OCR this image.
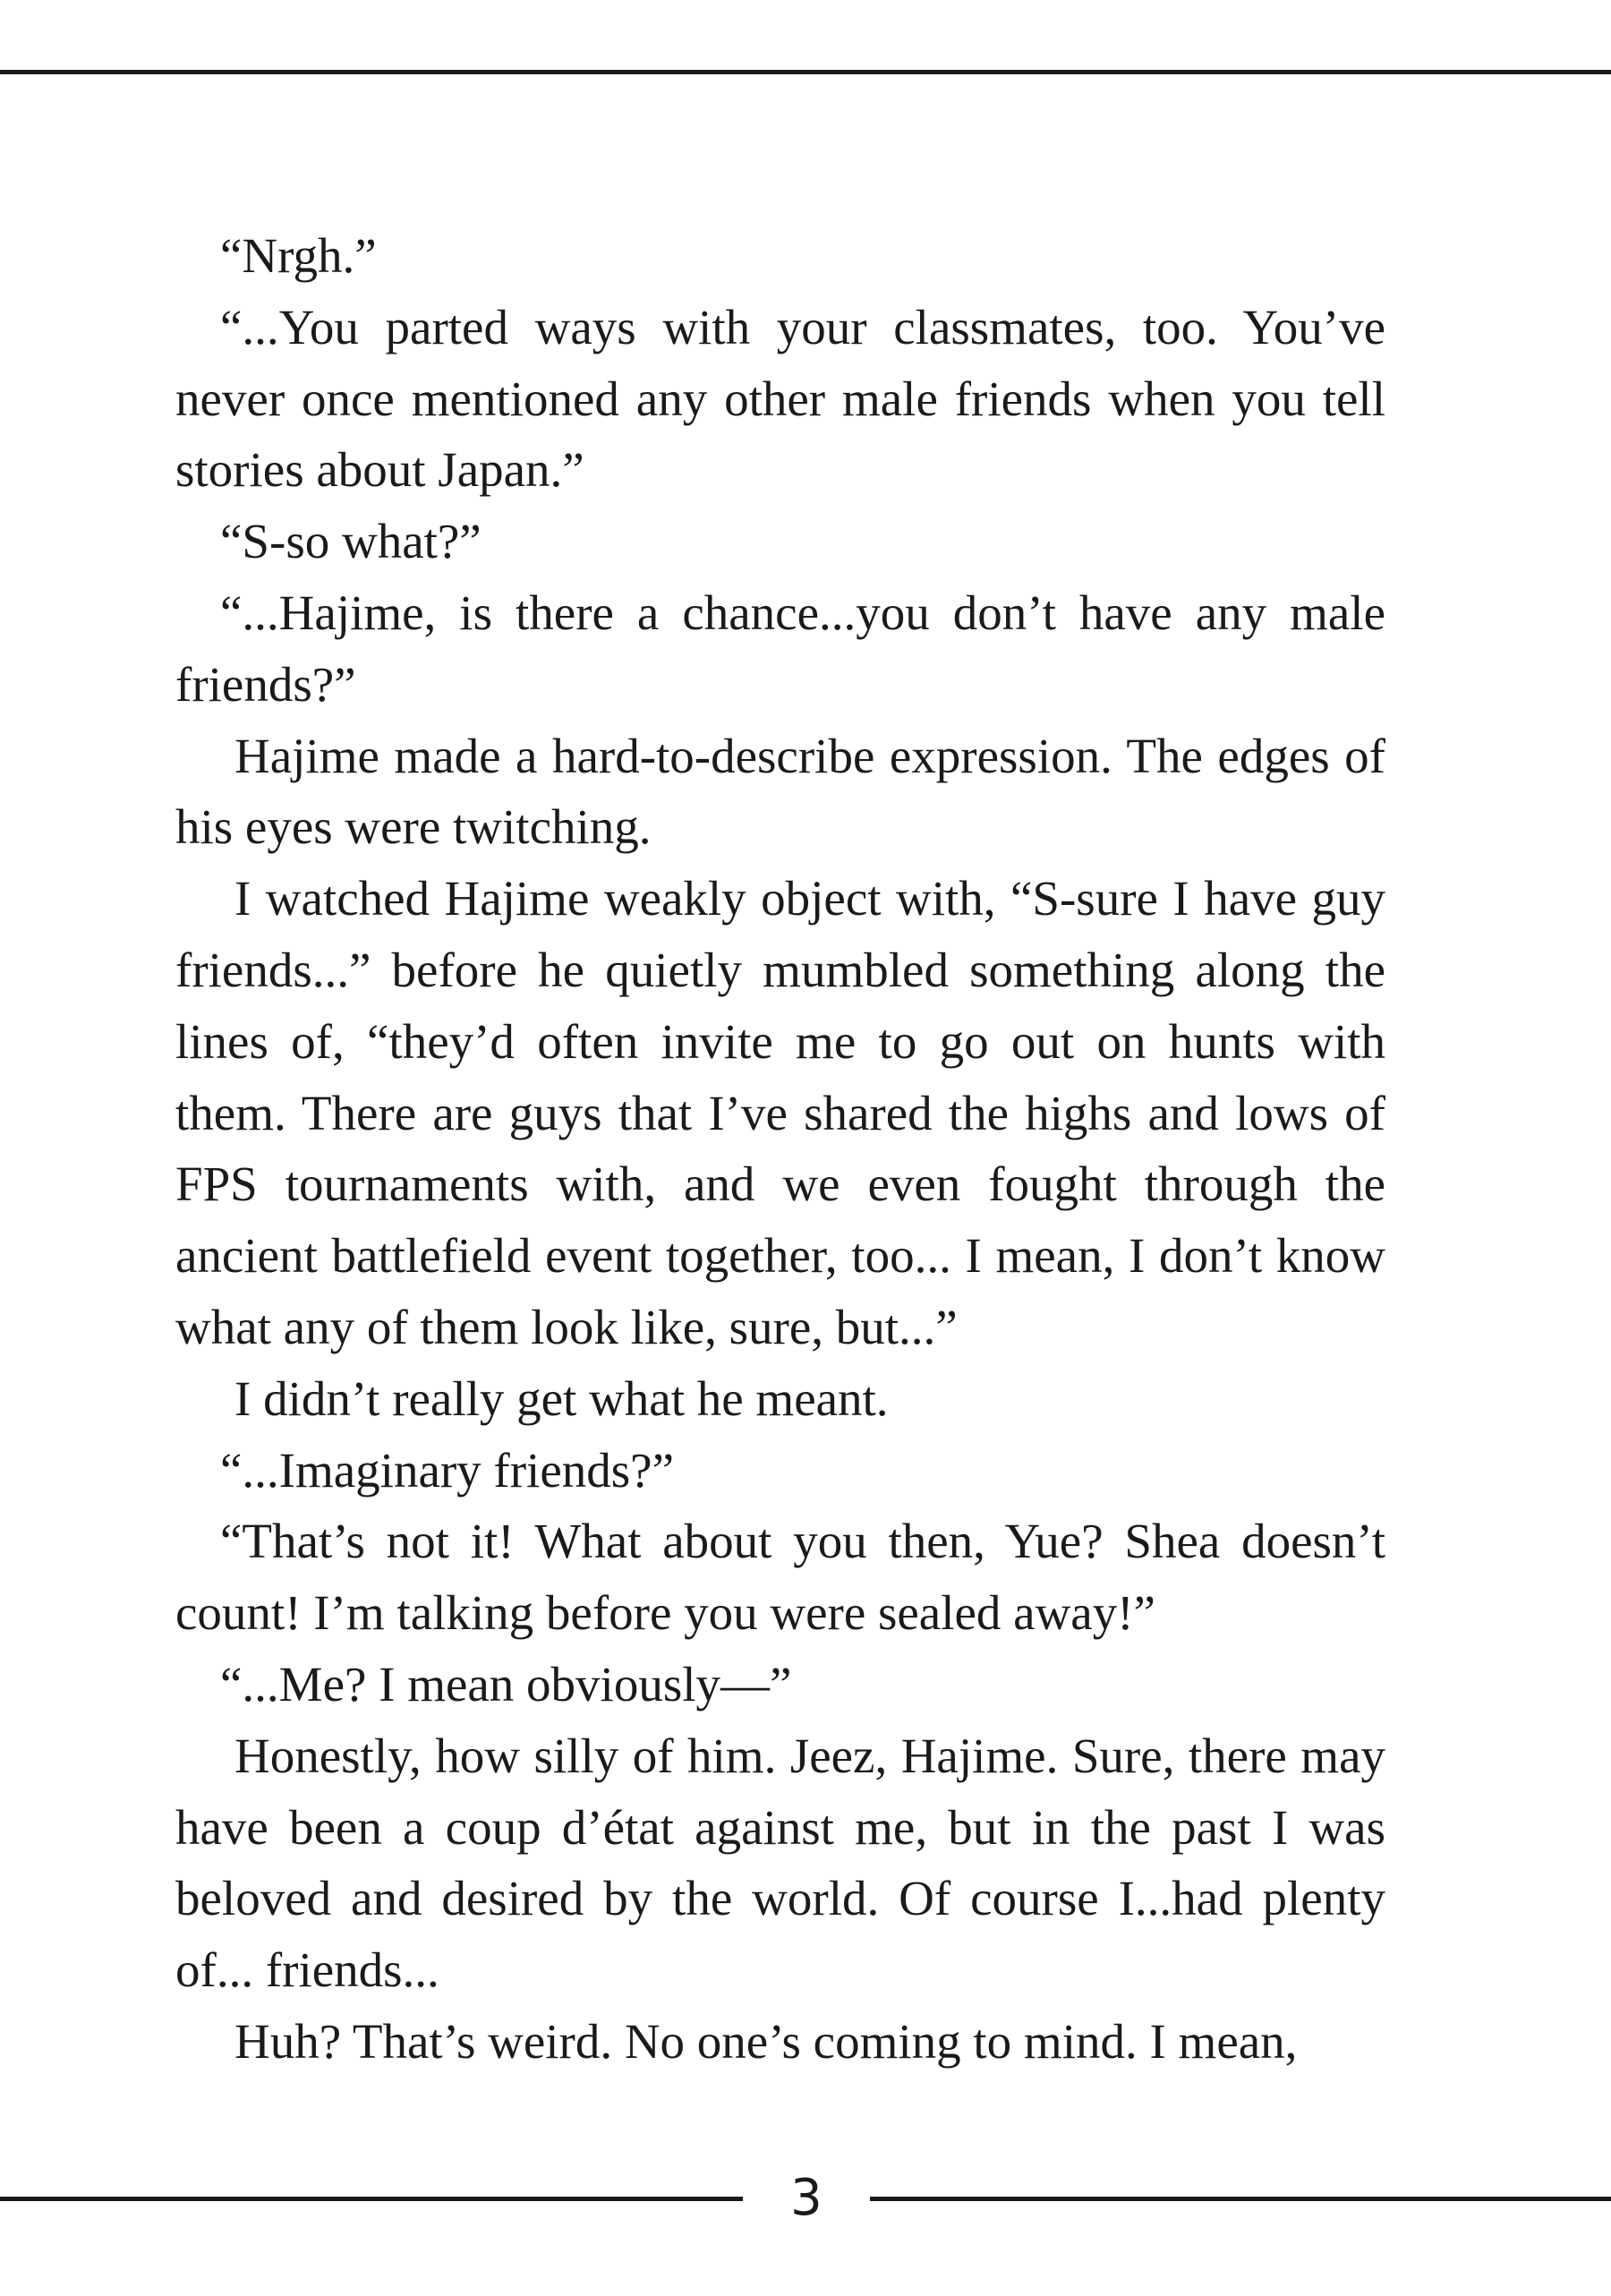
“Nrgh.”

“...You parted ways with your classmates, too. You’ve never once mentioned any other male friends when you tell stories about Japan.”

“S-so what?”

“...Hajime, is there a chance...you don’t have any male friends?”

Hajime made a hard-to-describe expression. The edges of his eyes were twitching.

I watched Hajime weakly object with, “S-sure I have guy friends...” before he quietly mumbled something along the lines of, “they’d often invite me to go out on hunts with them. There are guys that I’ve shared the highs and lows of FPS tournaments with, and we even fought through the ancient battlefield event together, too... I mean, I don’t know what any of them look like, sure, but...”

I didn’t really get what he meant.

“...Imaginary friends?”

“That’s not it! What about you then, Yue? Shea doesn’t count! I’m talking before you were sealed away!”

“...Me? I mean obviously—”

Honestly, how silly of him. Jeez, Hajime. Sure, there may have been a coup d’état against me, but in the past I was beloved and desired by the world. Of course I...had plenty of... friends...

Huh? That’s weird. No one’s coming to mind. I mean,

3
